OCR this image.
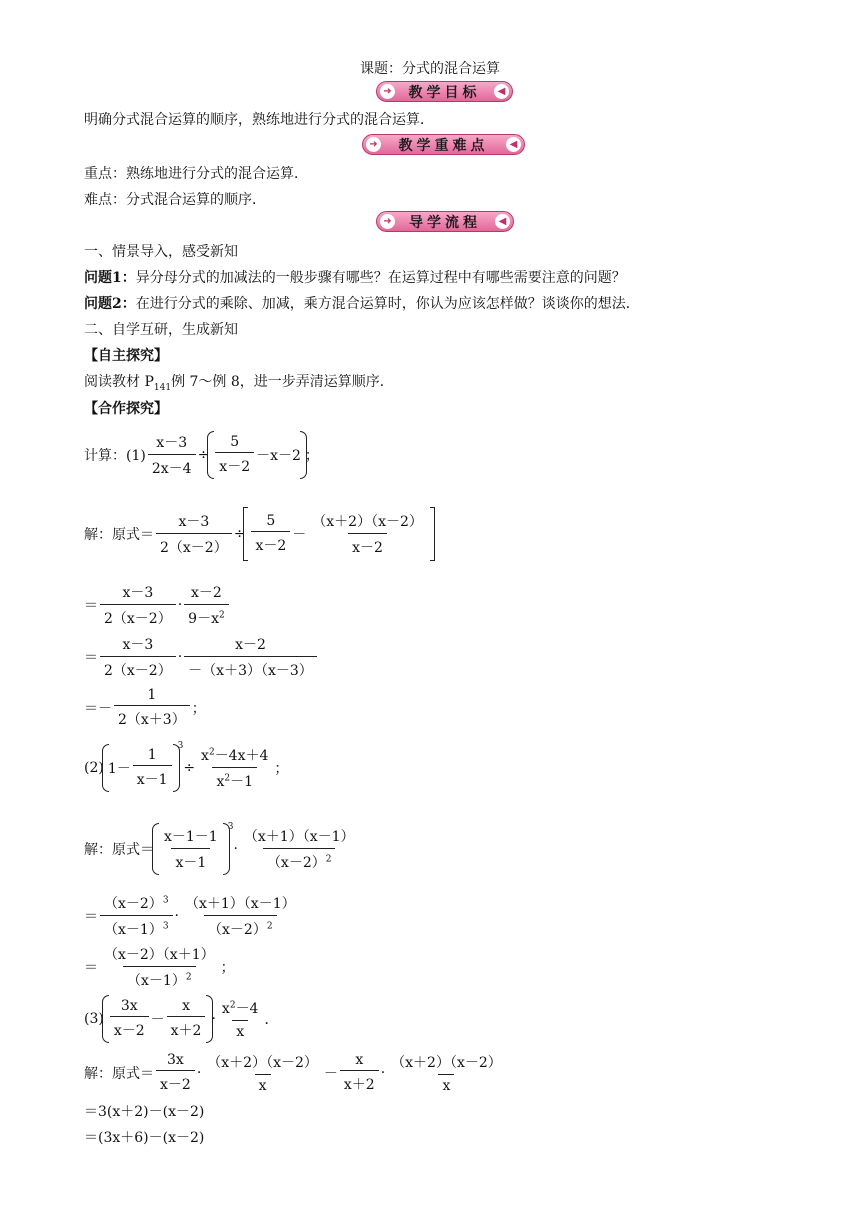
课题：分式的混合运算
➜ 教学目标	◀
明确分式混合运算的顺序，熟练地进行分式的混合运算．
➜ 教学重难点	◀
重点：熟练地进行分式的混合运算．
难点：分式混合运算的顺序．
➜ 导学流程	◀
一、情景导入，感受新知
问题1：异分母分式的加减法的一般步骤有哪些？在运算过程中有哪些需要注意的问题？
问题2：在进行分式的乘除、加减，乘方混合运算时，你认为应该怎样做？谈谈你的想法．
二、自学互研，生成新知
【自主探究】
阅读教材 $P_{141}$例 7～例 8，进一步弄清运算顺序．
【合作探究】
计算：$(1) \frac{x-3}{2x-4}$ ÷
5
x－2
－x－2 ；
解：原式＝ $\frac{x-3}{2(x-2)}$ ÷
5
x－2
－
（x＋2）（x－2）
x－2
＝
x－3
2（x－2）
·
x－2
$9-x^2$
＝
x－3
2（x－2）
·
x－2
－（x＋3）（x－3）
＝－
1
2（x＋3）
；
(2) 1－
1
x－1
$^3$
÷ $\frac{x^2-4x+4}{x^2-1}$ ；
解：原式＝
x－1－1
x－1
$^3$
·
（x＋1）（x－1）
$(x-2)^2$
＝
$(x-2)^3$
$(x-1)^3$
·
（x＋1）（x－1）
$(x-2)^2$
＝
（x－2）（x＋1）
$(x-1)^2$
；
(3)
3x
x－2
－
x
x＋2
·
$x^2-4$
x
．
解：原式＝
3x
x－2
·
（x＋2）（x－2）
x
－
x
x＋2
·
（x＋2）（x－2）
x
＝3(x＋2)－(x－2)
＝(3x＋6)－(x－2)
